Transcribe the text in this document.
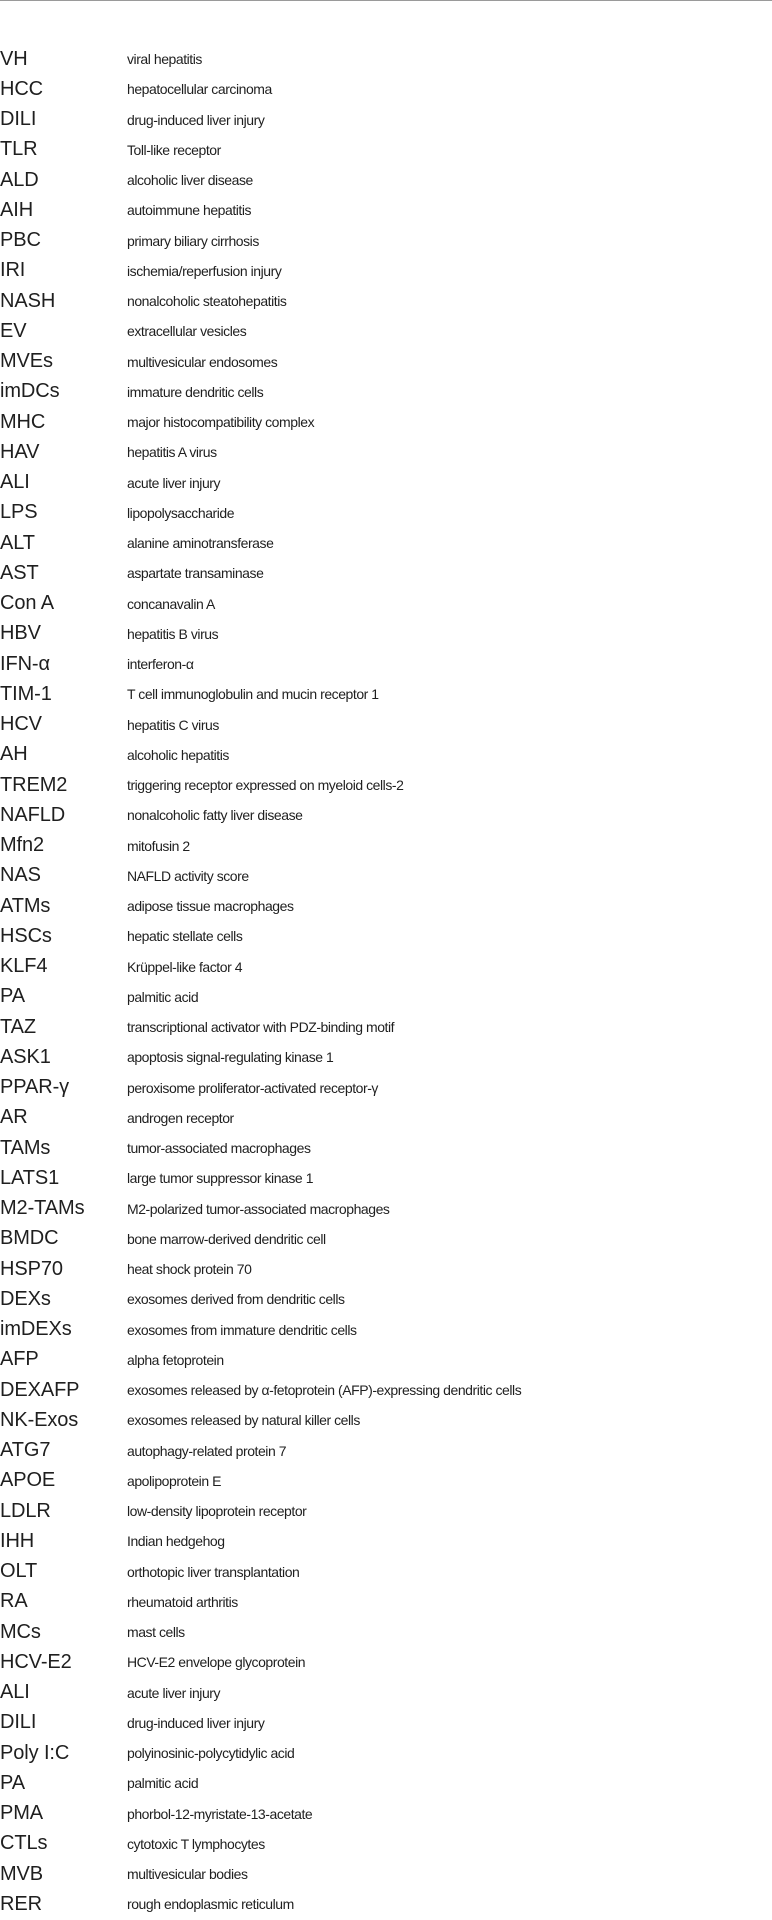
VH	viral hepatitis
HCC	hepatocellular carcinoma
DILI	drug-induced liver injury
TLR	Toll-like receptor
ALD	alcoholic liver disease
AIH	autoimmune hepatitis
PBC	primary biliary cirrhosis
IRI	ischemia/reperfusion injury
NASH	nonalcoholic steatohepatitis
EV	extracellular vesicles
MVEs	multivesicular endosomes
imDCs	immature dendritic cells
MHC	major histocompatibility complex
HAV	hepatitis A virus
ALI	acute liver injury
LPS	lipopolysaccharide
ALT	alanine aminotransferase
AST	aspartate transaminase
Con A	concanavalin A
HBV	hepatitis B virus
IFN-α	interferon-α
TIM-1	T cell immunoglobulin and mucin receptor 1
HCV	hepatitis C virus
AH	alcoholic hepatitis
TREM2	triggering receptor expressed on myeloid cells-2
NAFLD	nonalcoholic fatty liver disease
Mfn2	mitofusin 2
NAS	NAFLD activity score
ATMs	adipose tissue macrophages
HSCs	hepatic stellate cells
KLF4	Krüppel-like factor 4
PA	palmitic acid
TAZ	transcriptional activator with PDZ-binding motif
ASK1	apoptosis signal-regulating kinase 1
PPAR-γ	peroxisome proliferator-activated receptor-γ
AR	androgen receptor
TAMs	tumor-associated macrophages
LATS1	large tumor suppressor kinase 1
M2-TAMs	M2-polarized tumor-associated macrophages
BMDC	bone marrow-derived dendritic cell
HSP70	heat shock protein 70
DEXs	exosomes derived from dendritic cells
imDEXs	exosomes from immature dendritic cells
AFP	alpha fetoprotein
DEXAFP	exosomes released by α-fetoprotein (AFP)-expressing dendritic cells
NK-Exos	exosomes released by natural killer cells
ATG7	autophagy-related protein 7
APOE	apolipoprotein E
LDLR	low-density lipoprotein receptor
IHH	Indian hedgehog
OLT	orthotopic liver transplantation
RA	rheumatoid arthritis
MCs	mast cells
HCV-E2	HCV-E2 envelope glycoprotein
ALI	acute liver injury
DILI	drug-induced liver injury
Poly I:C	polyinosinic-polycytidylic acid
PA	palmitic acid
PMA	phorbol-12-myristate-13-acetate
CTLs	cytotoxic T lymphocytes
MVB	multivesicular bodies
RER	rough endoplasmic reticulum
